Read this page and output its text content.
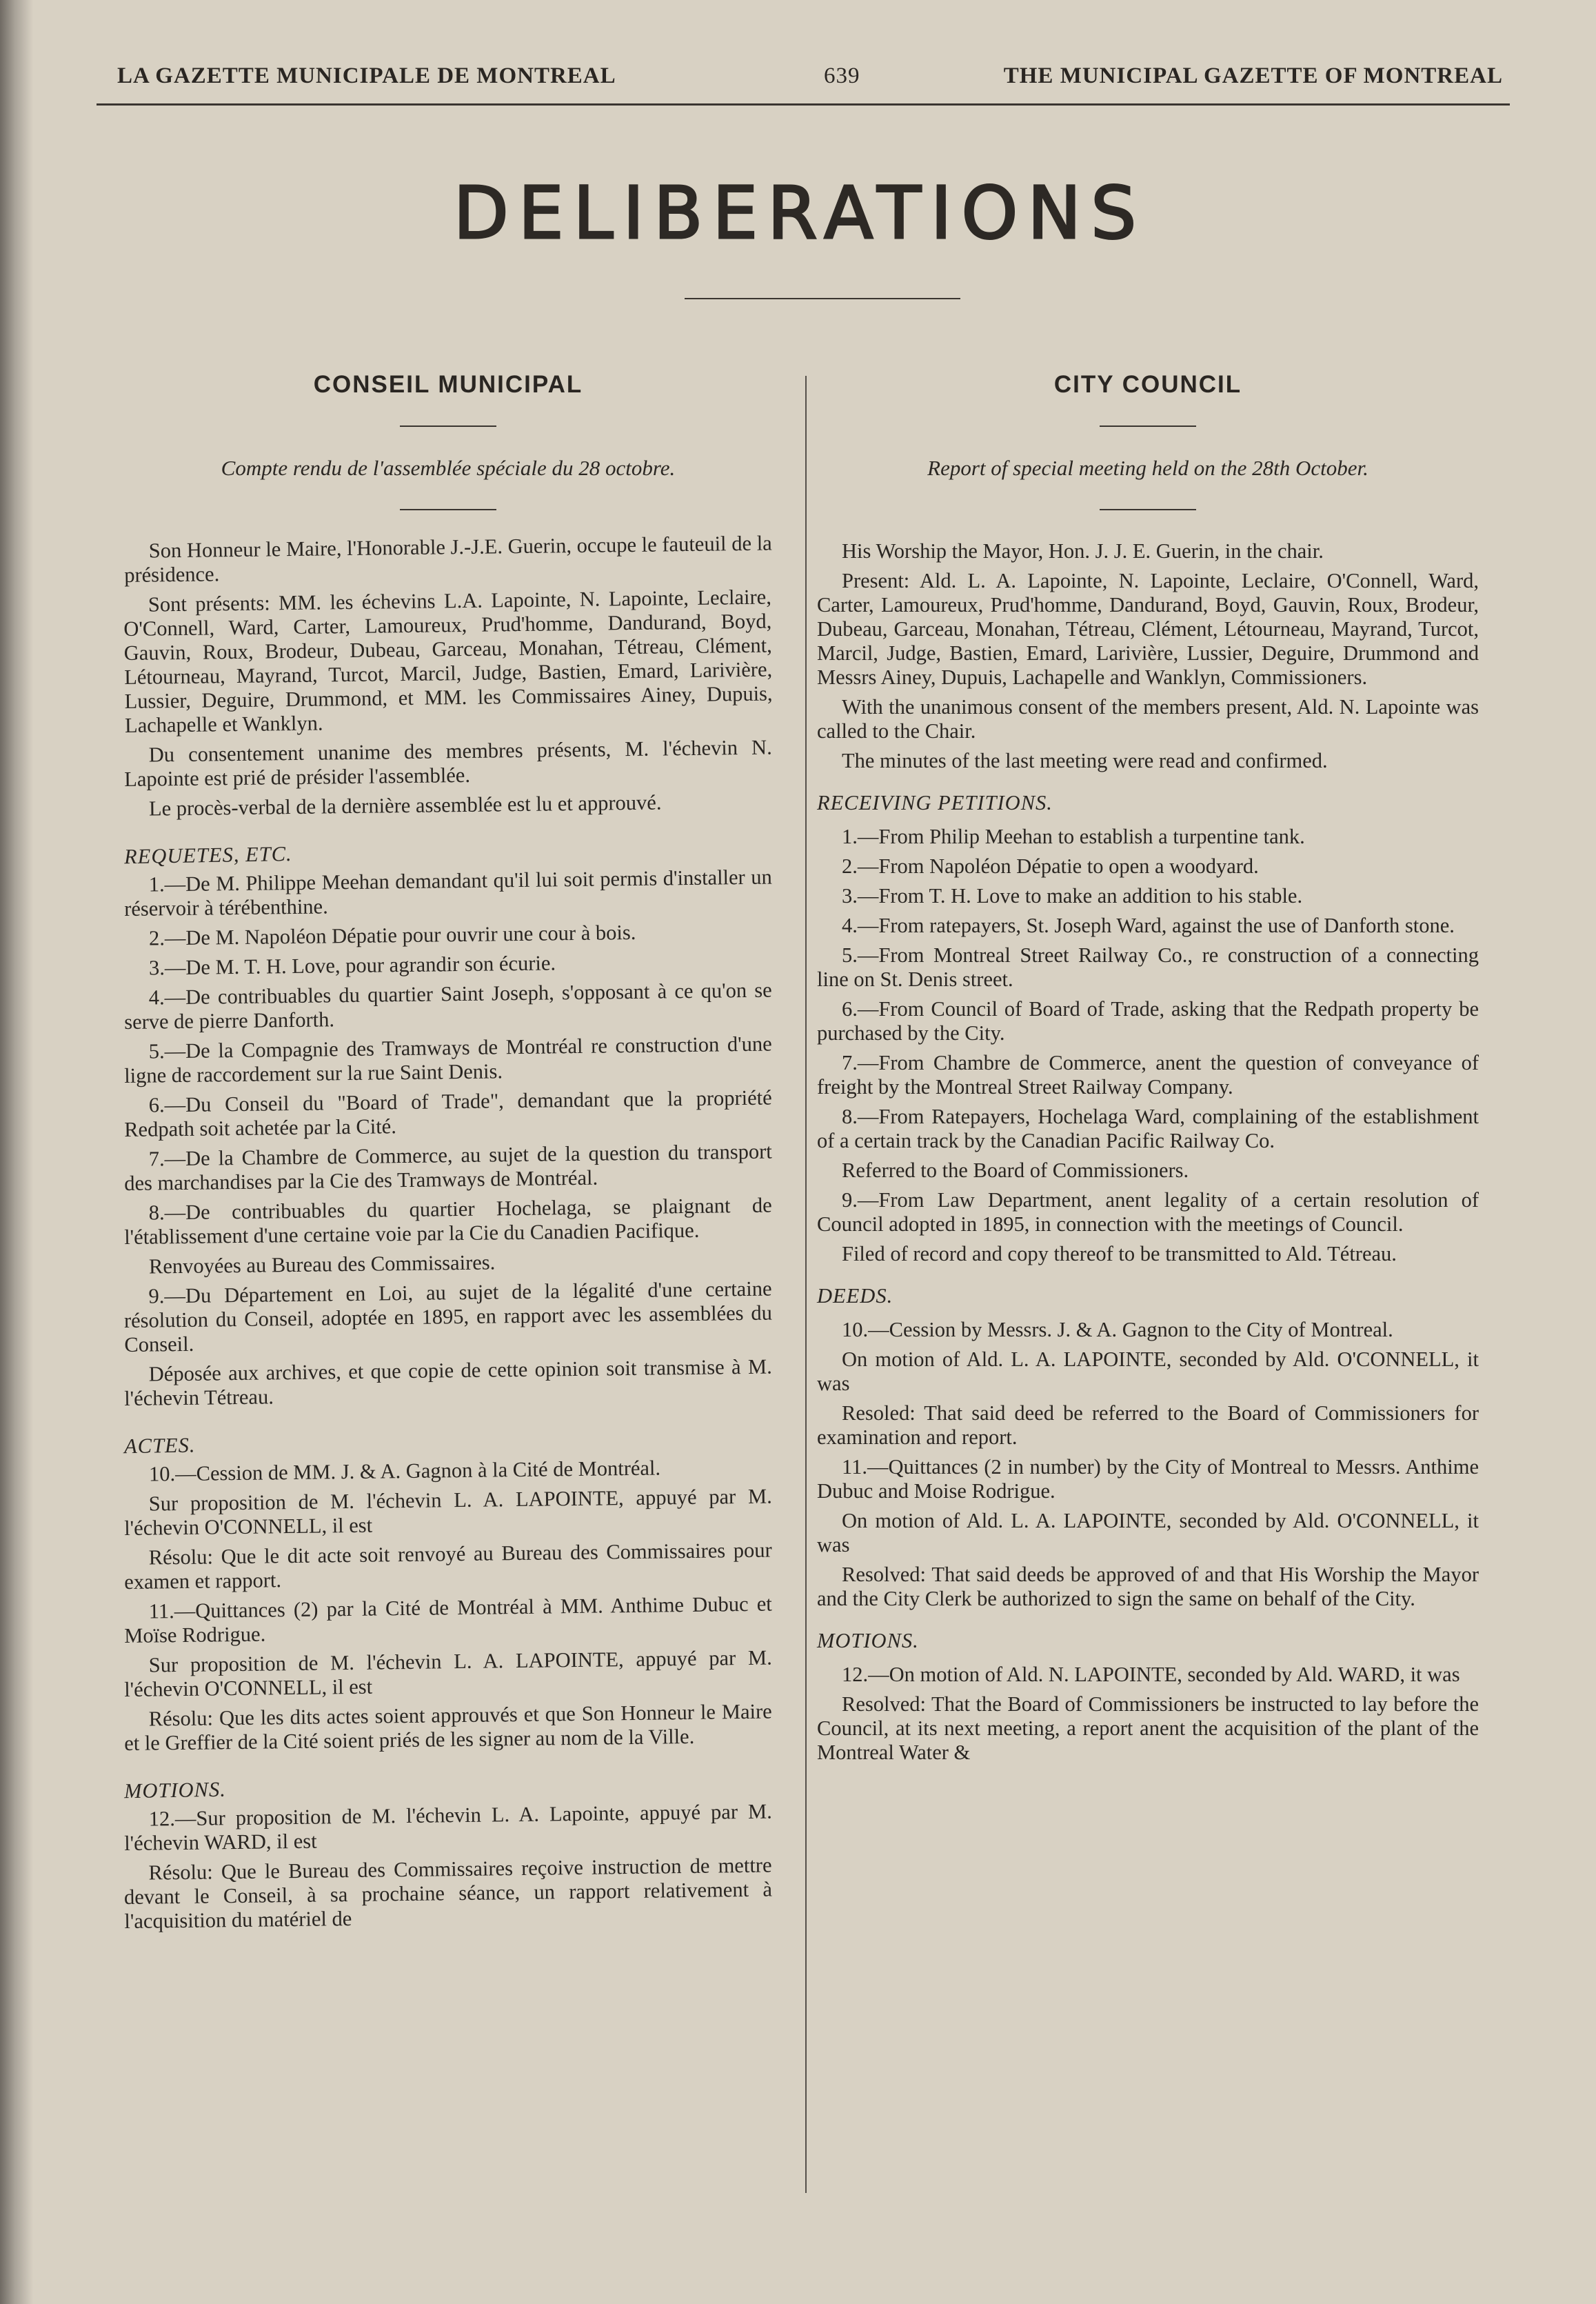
LA GAZETTE MUNICIPALE DE MONTREAL	639	THE MUNICIPAL GAZETTE OF MONTREAL
DELIBERATIONS
CONSEIL MUNICIPAL
Compte rendu de l'assemblée spéciale du 28 octobre.

Son Honneur le Maire, l'Honorable J.-J.E. Guerin, occupe le fauteuil de la présidence.

Sont présents: MM. les échevins L.A. Lapointe, N. Lapointe, Leclaire, O'Connell, Ward, Carter, Lamoureux, Prud'homme, Dandurand, Boyd, Gauvin, Roux, Brodeur, Dubeau, Garceau, Monahan, Tétreau, Clément, Létourneau, Mayrand, Turcot, Marcil, Judge, Bastien, Emard, Larivière, Lussier, Deguire, Drummond, et MM. les Commissaires Ainey, Dupuis, Lachapelle et Wanklyn.

Du consentement unanime des membres présents, M. l'échevin N. Lapointe est prié de présider l'assemblée.

Le procès-verbal de la dernière assemblée est lu et approuvé.

REQUETES, ETC.

1.—De M. Philippe Meehan demandant qu'il lui soit permis d'installer un réservoir à térébenthine.

2.—De M. Napoléon Dépatie pour ouvrir une cour à bois.

3.—De M. T. H. Love, pour agrandir son écurie.

4.—De contribuables du quartier Saint Joseph, s'opposant à ce qu'on se serve de pierre Danforth.

5.—De la Compagnie des Tramways de Montréal re construction d'une ligne de raccordement sur la rue Saint Denis.

6.—Du Conseil du "Board of Trade", demandant que la propriété Redpath soit achetée par la Cité.

7.—De la Chambre de Commerce, au sujet de la question du transport des marchandises par la Cie des Tramways de Montréal.

8.—De contribuables du quartier Hochelaga, se plaignant de l'établissement d'une certaine voie par la Cie du Canadien Pacifique.

Renvoyées au Bureau des Commissaires.

9.—Du Département en Loi, au sujet de la légalité d'une certaine résolution du Conseil, adoptée en 1895, en rapport avec les assemblées du Conseil.

Déposée aux archives, et que copie de cette opinion soit transmise à M. l'échevin Tétreau.

ACTES.

10.—Cession de MM. J. & A. Gagnon à la Cité de Montréal.

Sur proposition de M. l'échevin L. A. LAPOINTE, appuyé par M. l'échevin O'CONNELL, il est

Résolu: Que le dit acte soit renvoyé au Bureau des Commissaires pour examen et rapport.

11.—Quittances (2) par la Cité de Montréal à MM. Anthime Dubuc et Moïse Rodrigue.

Sur proposition de M. l'échevin L. A. LAPOINTE, appuyé par M. l'échevin O'CONNELL, il est

Résolu: Que les dits actes soient approuvés et que Son Honneur le Maire et le Greffier de la Cité soient priés de les signer au nom de la Ville.

MOTIONS.

12.—Sur proposition de M. l'échevin L. A. Lapointe, appuyé par M. l'échevin WARD, il est

Résolu: Que le Bureau des Commissaires reçoive instruction de mettre devant le Conseil, à sa prochaine séance, un rapport relativement à l'acquisition du matériel de

CITY COUNCIL
Report of special meeting held on the 28th October.

His Worship the Mayor, Hon. J. J. E. Guerin, in the chair.

Present: Ald. L. A. Lapointe, N. Lapointe, Leclaire, O'Connell, Ward, Carter, Lamoureux, Prud'homme, Dandurand, Boyd, Gauvin, Roux, Brodeur, Dubeau, Garceau, Monahan, Tétreau, Clément, Létourneau, Mayrand, Turcot, Marcil, Judge, Bastien, Emard, Larivière, Lussier, Deguire, Drummond and Messrs Ainey, Dupuis, Lachapelle and Wanklyn, Commissioners.

With the unanimous consent of the members present, Ald. N. Lapointe was called to the Chair.

The minutes of the last meeting were read and confirmed.

RECEIVING PETITIONS.

1.—From Philip Meehan to establish a turpentine tank.

2.—From Napoléon Dépatie to open a woodyard.

3.—From T. H. Love to make an addition to his stable.

4.—From ratepayers, St. Joseph Ward, against the use of Danforth stone.

5.—From Montreal Street Railway Co., re construction of a connecting line on St. Denis street.

6.—From Council of Board of Trade, asking that the Redpath property be purchased by the City.

7.—From Chambre de Commerce, anent the question of conveyance of freight by the Montreal Street Railway Company.

8.—From Ratepayers, Hochelaga Ward, complaining of the establishment of a certain track by the Canadian Pacific Railway Co.

Referred to the Board of Commissioners.

9.—From Law Department, anent legality of a certain resolution of Council adopted in 1895, in connection with the meetings of Council.

Filed of record and copy thereof to be transmitted to Ald. Tétreau.

DEEDS.

10.—Cession by Messrs. J. & A. Gagnon to the City of Montreal.

On motion of Ald. L. A. LAPOINTE, seconded by Ald. O'CONNELL, it was

Resoled: That said deed be referred to the Board of Commissioners for examination and report.

11.—Quittances (2 in number) by the City of Montreal to Messrs. Anthime Dubuc and Moise Rodrigue.

On motion of Ald. L. A. LAPOINTE, seconded by Ald. O'CONNELL, it was

Resolved: That said deeds be approved of and that His Worship the Mayor and the City Clerk be authorized to sign the same on behalf of the City.

MOTIONS.

12.—On motion of Ald. N. LAPOINTE, seconded by Ald. WARD, it was

Resolved: That the Board of Commissioners be instructed to lay before the Council, at its next meeting, a report anent the acquisition of the plant of the Montreal Water &
